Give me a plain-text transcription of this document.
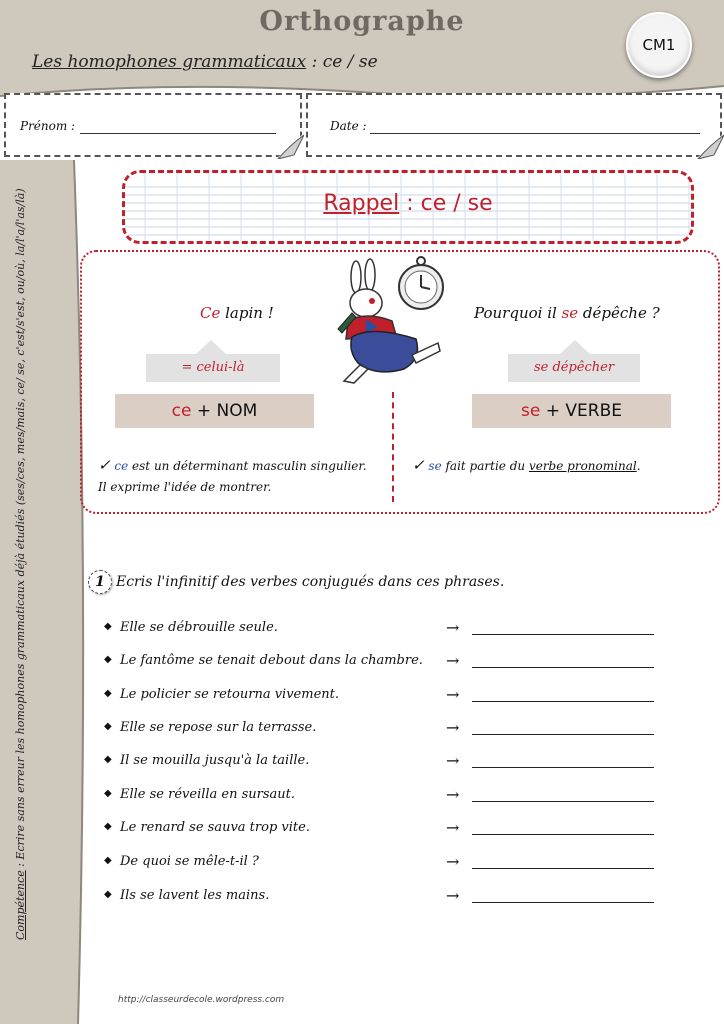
Orthographe
Les homophones grammaticaux : ce / se
CM1
Prénom :	Date :
Compétence : Ecrire sans erreur les homophones grammaticaux déjà étudiés (ses/ces, mes/mais, ce/ se, c'est/s'est, ou/où, la/l'a/l'as/là)	Rappel : ce / se
Ce lapin !
= celui-là
ce + NOM
✓ ce est un déterminant masculin singulier.
Il exprime l'idée de montrer.
Pourquoi il se dépêche ?
se dépêcher
se + VERBE
✓ se fait partie du verbe pronominal.
1 Ecris l'infinitif des verbes conjugués dans ces phrases.
◆ Elle se débrouille seule.	→
◆ Le fantôme se tenait debout dans la chambre. →
◆ Le policier se retourna vivement.	→
◆ Elle se repose sur la terrasse.	→
◆ Il se mouilla jusqu'à la taille.	→
◆ Elle se réveilla en sursaut.	→
◆ Le renard se sauva trop vite.	→
◆ De quoi se mêle-t-il ?	→
◆ Ils se lavent les mains.	→
http://classeurdecole.wordpress.com
